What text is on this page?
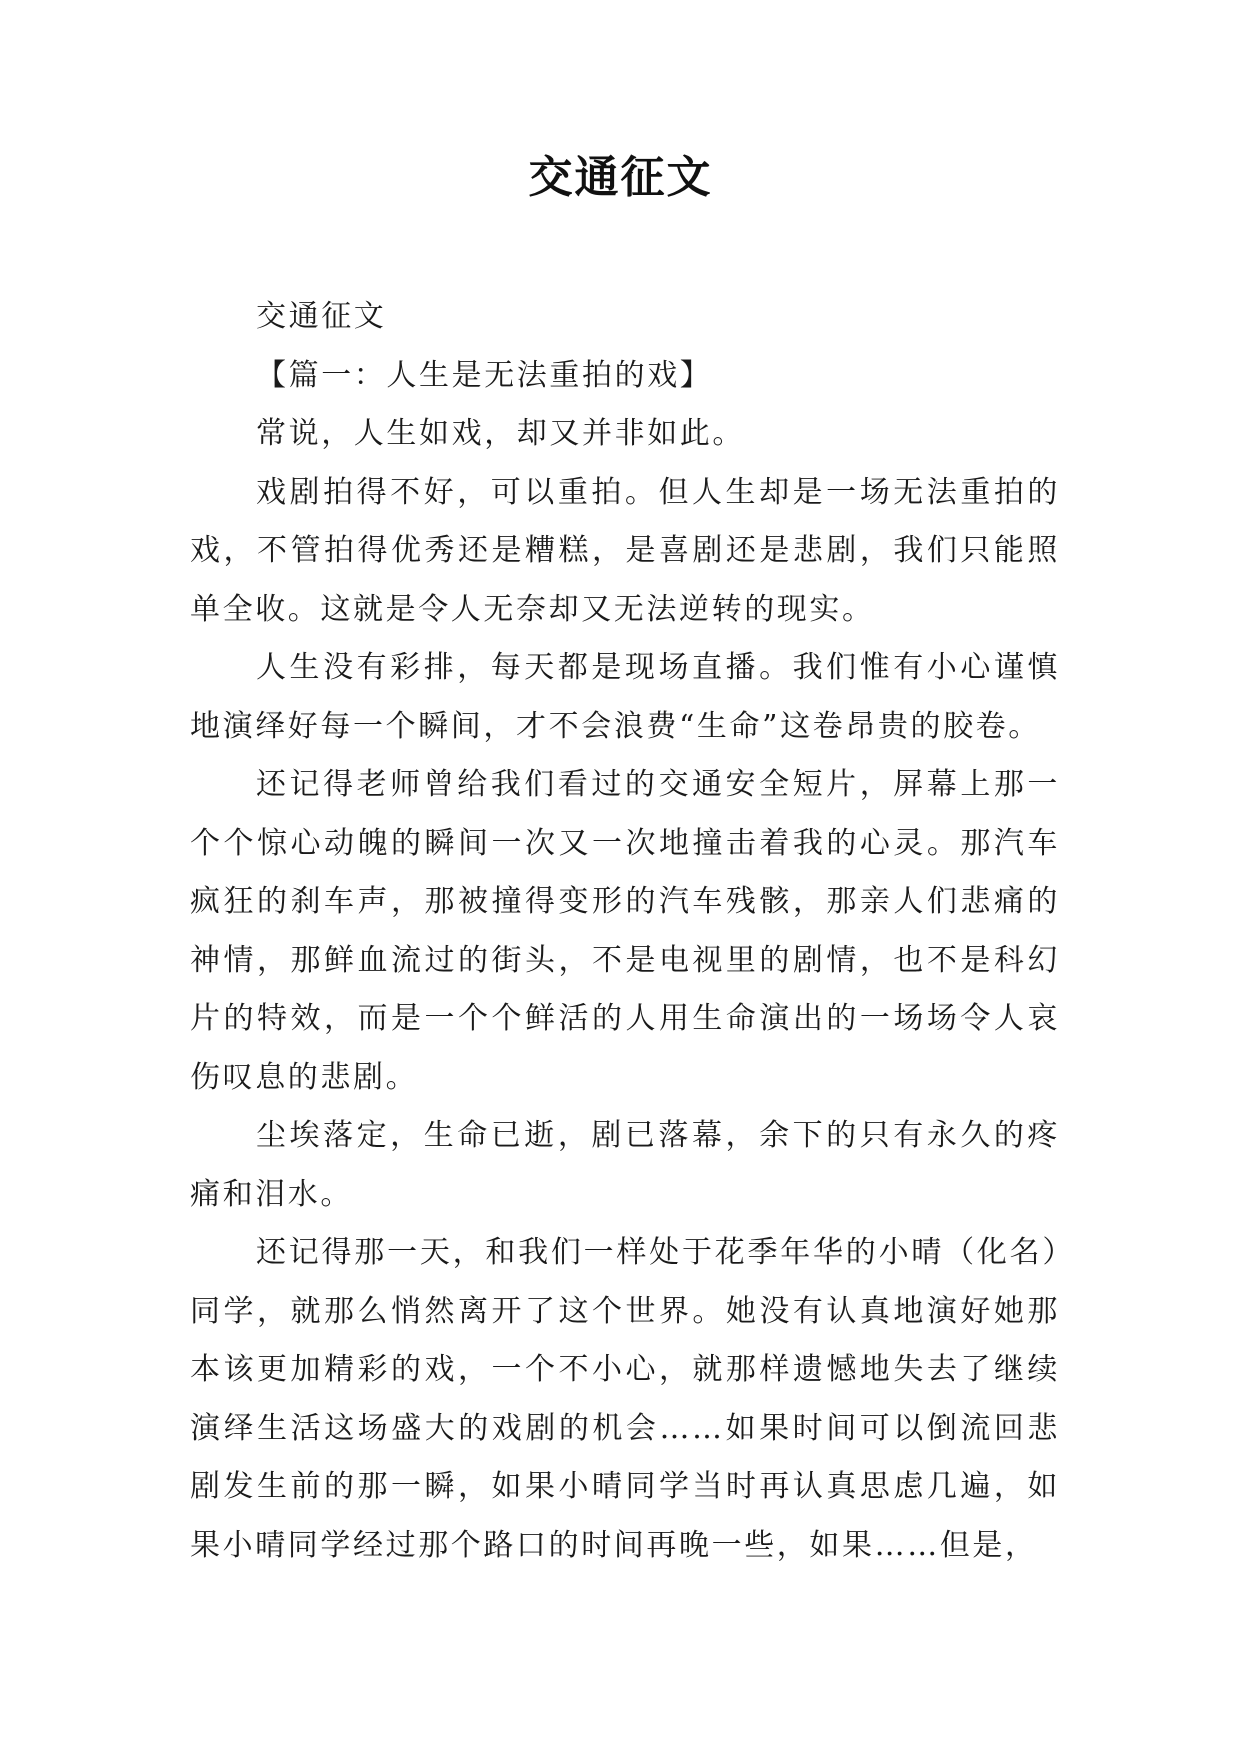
交通征文

交通征文

【篇一：人生是无法重拍的戏】

常说，人生如戏，却又并非如此。

戏剧拍得不好，可以重拍。但人生却是一场无法重拍的戏，不管拍得优秀还是糟糕，是喜剧还是悲剧，我们只能照单全收。这就是令人无奈却又无法逆转的现实。

人生没有彩排，每天都是现场直播。我们惟有小心谨慎地演绎好每一个瞬间，才不会浪费“生命”这卷昂贵的胶卷。

还记得老师曾给我们看过的交通安全短片，屏幕上那一个个惊心动魄的瞬间一次又一次地撞击着我的心灵。那汽车疯狂的刹车声，那被撞得变形的汽车残骸，那亲人们悲痛的神情，那鲜血流过的街头，不是电视里的剧情，也不是科幻片的特效，而是一个个鲜活的人用生命演出的一场场令人哀伤叹息的悲剧。

尘埃落定，生命已逝，剧已落幕，余下的只有永久的疼痛和泪水。

还记得那一天，和我们一样处于花季年华的小晴（化名）同学，就那么悄然离开了这个世界。她没有认真地演好她那本该更加精彩的戏，一个不小心，就那样遗憾地失去了继续演绎生活这场盛大的戏剧的机会……如果时间可以倒流回悲剧发生前的那一瞬，如果小晴同学当时再认真思虑几遍，如果小晴同学经过那个路口的时间再晚一些，如果……但是，
